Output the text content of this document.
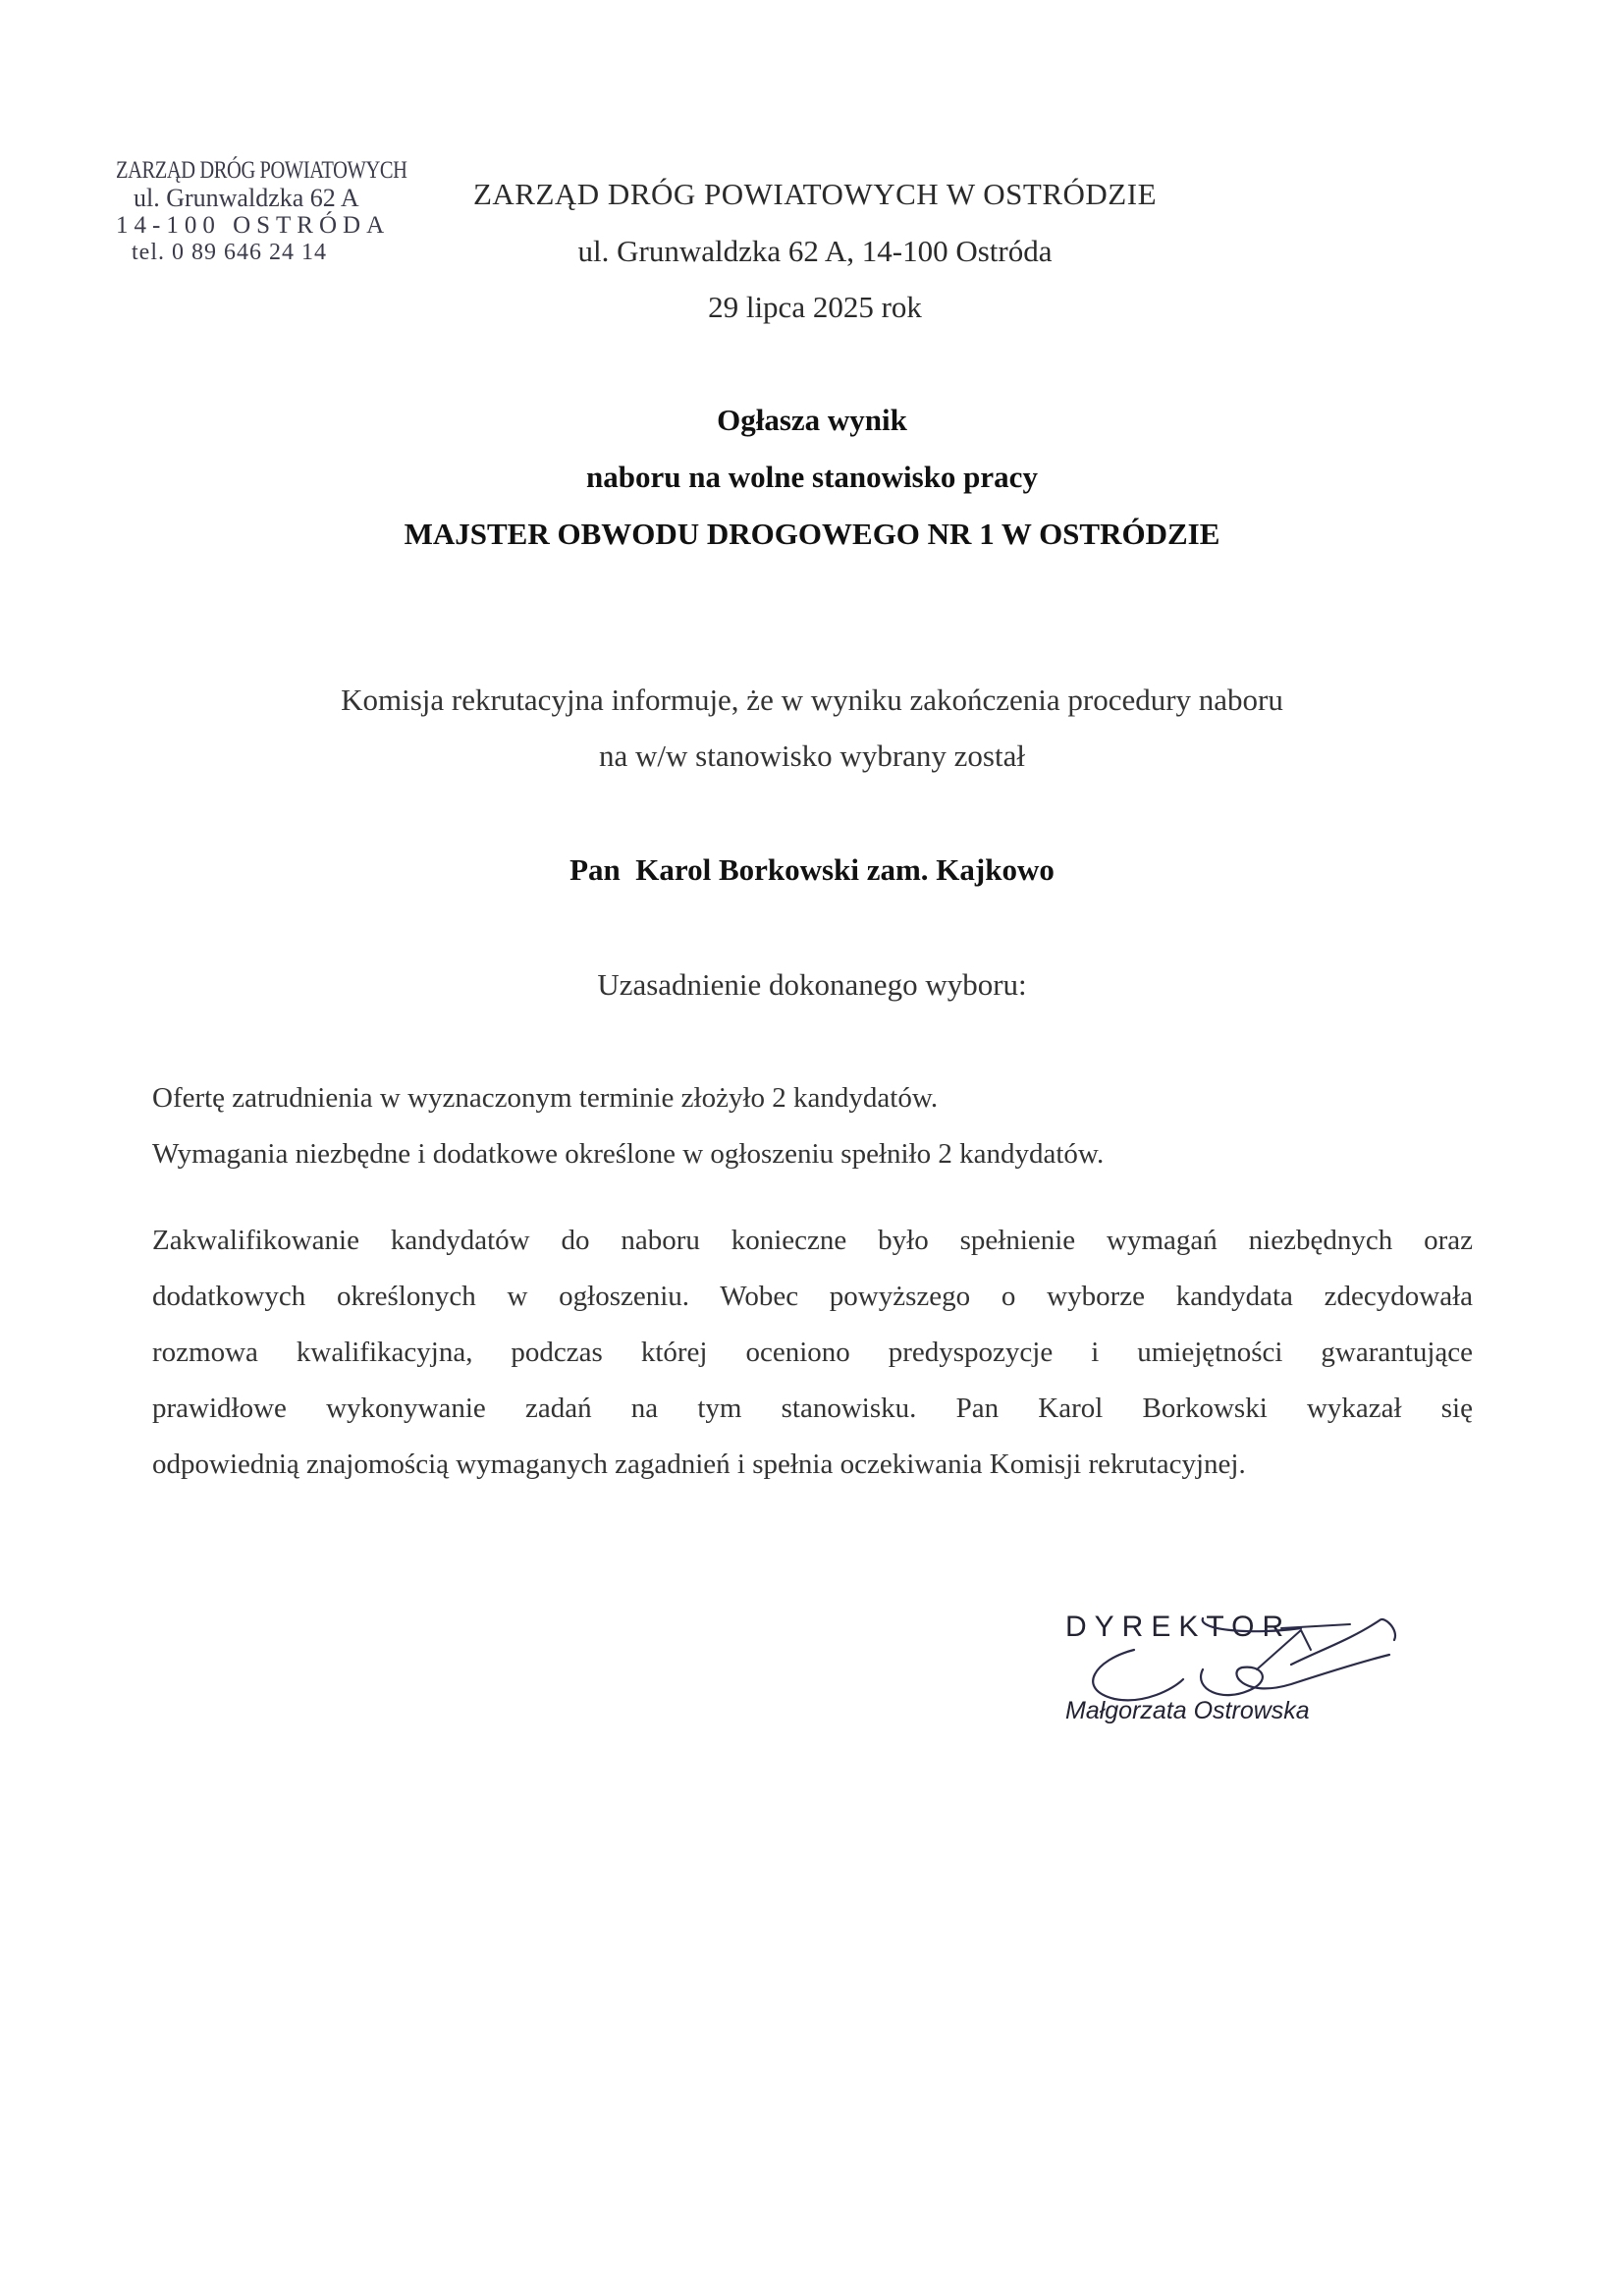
ZARZĄD DRÓG POWIATOWYCH
ul. Grunwaldzka 62 A
14-100 OSTRÓDA
tel. 0 89 646 24 14
ZARZĄD DRÓG POWIATOWYCH W OSTRÓDZIE
ul. Grunwaldzka 62 A, 14-100 Ostróda
29 lipca 2025 rok
Ogłasza wynik
naboru na wolne stanowisko pracy
MAJSTER OBWODU DROGOWEGO NR 1 W OSTRÓDZIE
Komisja rekrutacyjna informuje, że w wyniku zakończenia procedury naboru
na w/w stanowisko wybrany został
Pan  Karol Borkowski zam. Kajkowo
Uzasadnienie dokonanego wyboru:
Ofertę zatrudnienia w wyznaczonym terminie złożyło 2 kandydatów.
Wymagania niezbędne i dodatkowe określone w ogłoszeniu spełniło 2 kandydatów.
Zakwalifikowanie kandydatów do naboru konieczne było spełnienie wymagań niezbędnych oraz
dodatkowych określonych w ogłoszeniu. Wobec powyższego o wyborze kandydata zdecydowała
rozmowa kwalifikacyjna, podczas której oceniono predyspozycje i umiejętności gwarantujące
prawidłowe wykonywanie zadań na tym stanowisku. Pan Karol Borkowski wykazał się
odpowiednią znajomością wymaganych zagadnień i spełnia oczekiwania Komisji rekrutacyjnej.
DYREKTOR
Małgorzata Ostrowska
